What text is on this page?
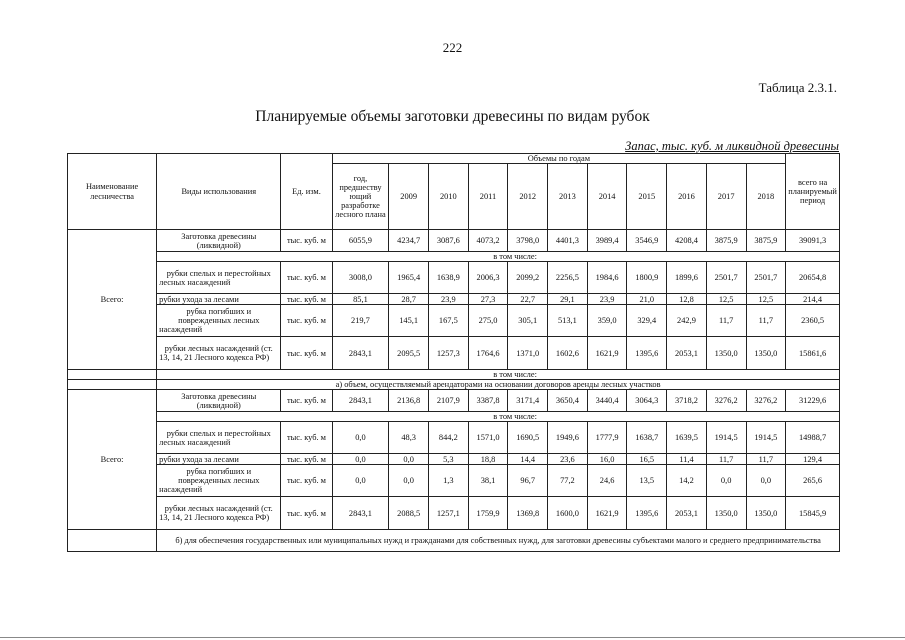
222
Таблица 2.3.1.
Планируемые объемы заготовки древесины по видам рубок
Запас, тыс. куб. м ликвидной древесины
Наименование лесничества	Виды использования	Ед. изм.	Объемы по годам											всего на планируемый период
			год, предшеству ющий разработке лесного плана	2009	2010	2011	2012	2013	2014	2015	2016	2017	2018	
Всего:	Заготовка древесины (ликвидной)	тыс. куб. м	6055,9	4234,7	3087,6	4073,2	3798,0	4401,3	3989,4	3546,9	4208,4	3875,9	3875,9	39091,3
	в том числе:													
	рубки спелых и перестойных лесных насаждений	тыс. куб. м	3008,0	1965,4	1638,9	2006,3	2099,2	2256,5	1984,6	1800,9	1899,6	2501,7	2501,7	20654,8
	рубки ухода за лесами	тыс. куб. м	85,1	28,7	23,9	27,3	22,7	29,1	23,9	21,0	12,8	12,5	12,5	214,4
	рубка погибших и поврежденных лесных насаждений	тыс. куб. м	219,7	145,1	167,5	275,0	305,1	513,1	359,0	329,4	242,9	11,7	11,7	2360,5
	рубки лесных насаждений (ст. 13, 14, 21 Лесного кодекса РФ)	тыс. куб. м	2843,1	2095,5	1257,3	1764,6	1371,0	1602,6	1621,9	1395,6	2053,1	1350,0	1350,0	15861,6
	в том числе:													
	а) объем, осуществляемый арендаторами на основании договоров аренды лесных участков													
Всего:	Заготовка древесины (ликвидной)	тыс. куб. м	2843,1	2136,8	2107,9	3387,8	3171,4	3650,4	3440,4	3064,3	3718,2	3276,2	3276,2	31229,6
	в том числе:													
	рубки спелых и перестойных лесных насаждений	тыс. куб. м	0,0	48,3	844,2	1571,0	1690,5	1949,6	1777,9	1638,7	1639,5	1914,5	1914,5	14988,7
	рубки ухода за лесами	тыс. куб. м	0,0	0,0	5,3	18,8	14,4	23,6	16,0	16,5	11,4	11,7	11,7	129,4
	рубка погибших и поврежденных лесных насаждений	тыс. куб. м	0,0	0,0	1,3	38,1	96,7	77,2	24,6	13,5	14,2	0,0	0,0	265,6
	рубки лесных насаждений (ст. 13, 14, 21 Лесного кодекса РФ)	тыс. куб. м	2843,1	2088,5	1257,1	1759,9	1369,8	1600,0	1621,9	1395,6	2053,1	1350,0	1350,0	15845,9
	б) для обеспечения государственных или муниципальных нужд и гражданами для собственных нужд, для заготовки древесины субъектами малого и среднего предпринимательства													
